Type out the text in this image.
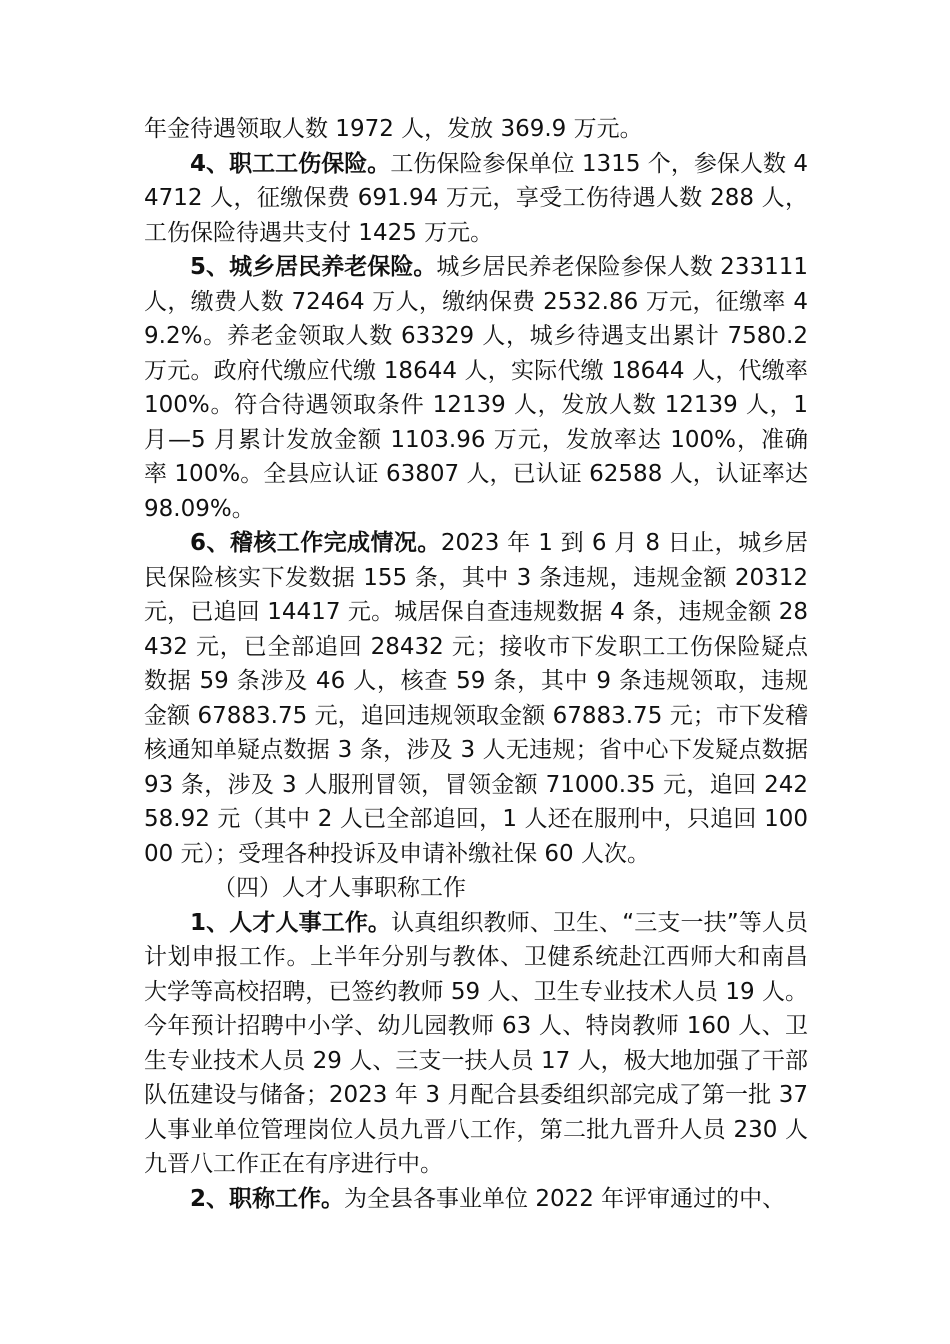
年金待遇领取人数 1972 人，发放 369.9 万元。

4、职工工伤保险。工伤保险参保单位 1315 个，参保人数 44712 人，征缴保费 691.94 万元，享受工伤待遇人数 288 人，工伤保险待遇共支付 1425 万元。

5、城乡居民养老保险。城乡居民养老保险参保人数 233111 人，缴费人数 72464 万人，缴纳保费 2532.86 万元，征缴率 49.2%。养老金领取人数 63329 人，城乡待遇支出累计 7580.2 万元。政府代缴应代缴 18644 人，实际代缴 18644 人，代缴率 100%。符合待遇领取条件 12139 人，发放人数 12139 人，1 月—5 月累计发放金额 1103.96 万元，发放率达 100%，准确率 100%。全县应认证 63807 人，已认证 62588 人，认证率达 98.09%。

6、稽核工作完成情况。2023 年 1 到 6 月 8 日止，城乡居民保险核实下发数据 155 条，其中 3 条违规，违规金额 20312 元，已追回 14417 元。城居保自查违规数据 4 条，违规金额 28432 元，已全部追回 28432 元；接收市下发职工工伤保险疑点数据 59 条涉及 46 人，核查 59 条，其中 9 条违规领取，违规金额 67883.75 元，追回违规领取金额 67883.75 元；市下发稽核通知单疑点数据 3 条，涉及 3 人无违规；省中心下发疑点数据 93 条，涉及 3 人服刑冒领，冒领金额 71000.35 元，追回 24258.92 元（其中 2 人已全部追回，1 人还在服刑中，只追回 10000 元）；受理各种投诉及申请补缴社保 60 人次。

（四）人才人事职称工作

1、人才人事工作。认真组织教师、卫生、“三支一扶”等人员计划申报工作。上半年分别与教体、卫健系统赴江西师大和南昌大学等高校招聘，已签约教师 59 人、卫生专业技术人员 19 人。今年预计招聘中小学、幼儿园教师 63 人、特岗教师 160 人、卫生专业技术人员 29 人、三支一扶人员 17 人，极大地加强了干部队伍建设与储备；2023 年 3 月配合县委组织部完成了第一批 37 人事业单位管理岗位人员九晋八工作，第二批九晋升人员 230 人九晋八工作正在有序进行中。

2、职称工作。为全县各事业单位 2022 年评审通过的中、
